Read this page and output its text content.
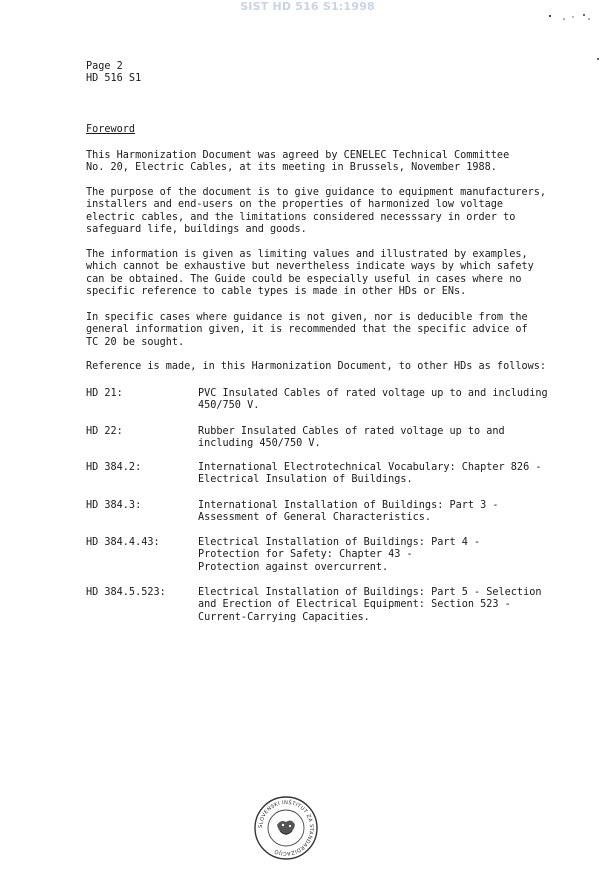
SIST HD 516 S1:1998
Page 2
HD 516 S1
Foreword
This Harmonization Document was agreed by CENELEC Technical Committee
No. 20, Electric Cables, at its meeting in Brussels, November 1988.
The purpose of the document is to give guidance to equipment manufacturers,
installers and end-users on the properties of harmonized low voltage
electric cables, and the limitations considered necesssary in order to
safeguard life, buildings and goods.
The information is given as limiting values and illustrated by examples,
which cannot be exhaustive but nevertheless indicate ways by which safety
can be obtained. The Guide could be especially useful in cases where no
specific reference to cable types is made in other HDs or ENs.
In specific cases where guidance is not given, nor is deducible from the
general information given, it is recommended that the specific advice of
TC 20 be sought.
Reference is made, in this Harmonization Document, to other HDs as follows:
HD 21:	PVC Insulated Cables of rated voltage up to and including
450/750 V.
HD 22:	Rubber Insulated Cables of rated voltage up to and
including 450/750 V.
HD 384.2:	International Electrotechnical Vocabulary: Chapter 826 -
Electrical Insulation of Buildings.
HD 384.3:	International Installation of Buildings: Part 3 -
Assessment of General Characteristics.
HD 384.4.43:	Electrical Installation of Buildings: Part 4 -
Protection for Safety: Chapter 43 -
Protection against overcurrent.
HD 384.5.523:	Electrical Installation of Buildings: Part 5 - Selection
and Erection of Electrical Equipment: Section 523 -
Current-Carrying Capacities.
SLOVENSKI INŠTITUT ZA STANDARDIZACIJO
